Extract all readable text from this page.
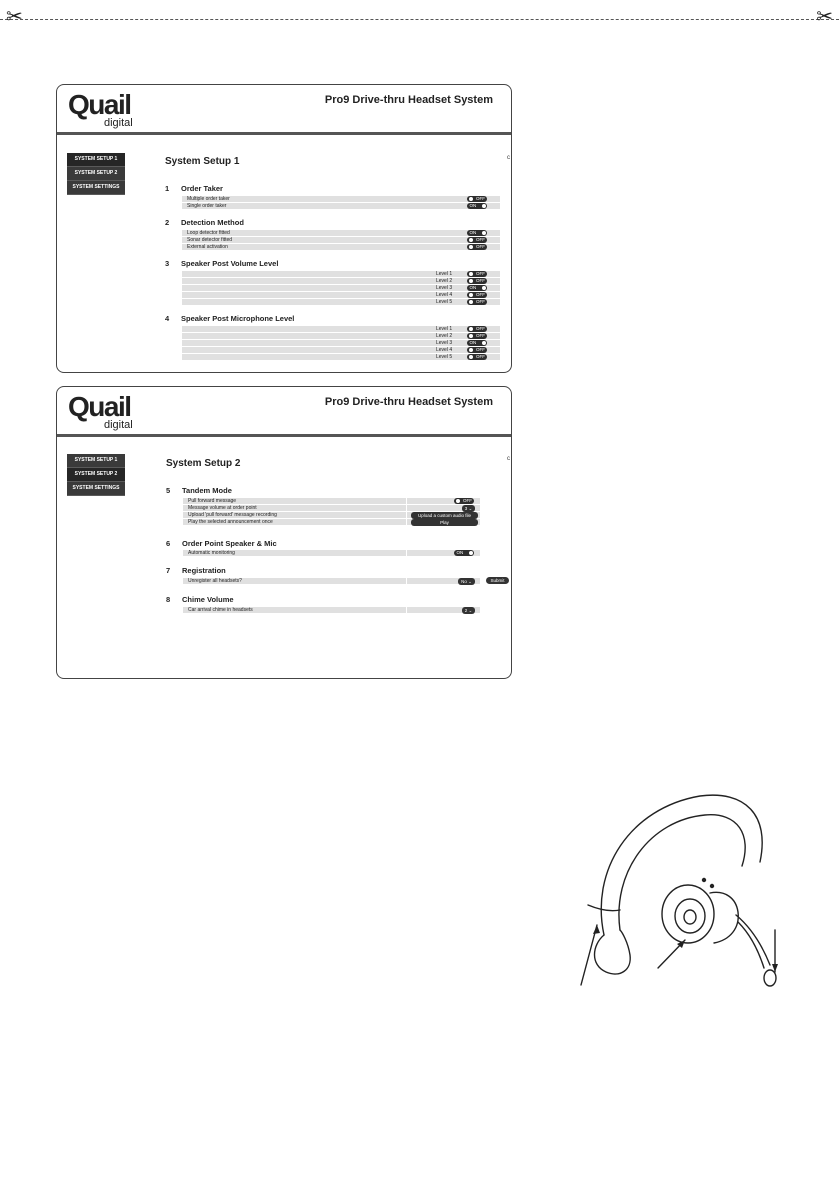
✂	✂
Quail
digital
Pro9 Drive-thru Headset System
SYSTEM SETUP 1
SYSTEM SETUP 2
SYSTEM SETTINGS
c
System Setup 1
1 Order Taker
Multiple order taker	OFF
Single order taker	ON
2 Detection Method
Loop detector fitted	ON
Sonar detector fitted	OFF
External activation	OFF
3 Speaker Post Volume Level
Level 1	OFF
Level 2	OFF
Level 3	ON
Level 4	OFF
Level 5	OFF
4 Speaker Post Microphone Level
Level 1	OFF
Level 2	OFF
Level 3	ON
Level 4	OFF
Level 5	OFF
Quail
digital
Pro9 Drive-thru Headset System
SYSTEM SETUP 1
SYSTEM SETUP 2
SYSTEM SETTINGS
c
System Setup 2
5 Tandem Mode
Pull forward message	OFF
Message volume at order point	3 ⌄
Upload 'pull forward' message recording	Upload a custom audio file
Play the selected announcement once	Play
6 Order Point Speaker & Mic
Automatic monitoring	ON
7 Registration
Unregister all headsets?	No ⌄	Submit
8 Chime Volume
Car arrival chime in headsets	2 ⌄
